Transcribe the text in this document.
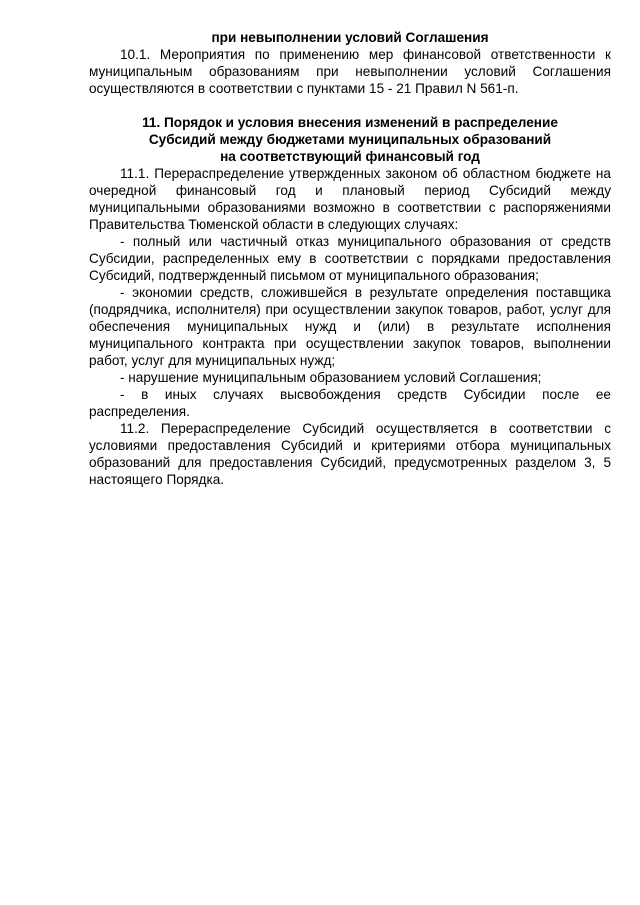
при невыполнении условий Соглашения

10.1. Мероприятия по применению мер финансовой ответственности к муниципальным образованиям при невыполнении условий Соглашения осуществляются в соответствии с пунктами 15 - 21 Правил N 561-п.

11. Порядок и условия внесения изменений в распределение

Субсидий между бюджетами муниципальных образований

на соответствующий финансовый год

11.1. Перераспределение утвержденных законом об областном бюджете на очередной финансовый год и плановый период Субсидий между муниципальными образованиями возможно в соответствии с распоряжениями Правительства Тюменской области в следующих случаях:

- полный или частичный отказ муниципального образования от средств Субсидии, распределенных ему в соответствии с порядками предоставления Субсидий, подтвержденный письмом от муниципального образования;

- экономии средств, сложившейся в результате определения поставщика (подрядчика, исполнителя) при осуществлении закупок товаров, работ, услуг для обеспечения муниципальных нужд и (или) в результате исполнения муниципального контракта при осуществлении закупок товаров, выполнении работ, услуг для муниципальных нужд;

- нарушение муниципальным образованием условий Соглашения;

- в иных случаях высвобождения средств Субсидии после ее распределения.

11.2. Перераспределение Субсидий осуществляется в соответствии с условиями предоставления Субсидий и критериями отбора муниципальных образований для предоставления Субсидий, предусмотренных разделом 3, 5 настоящего Порядка.
